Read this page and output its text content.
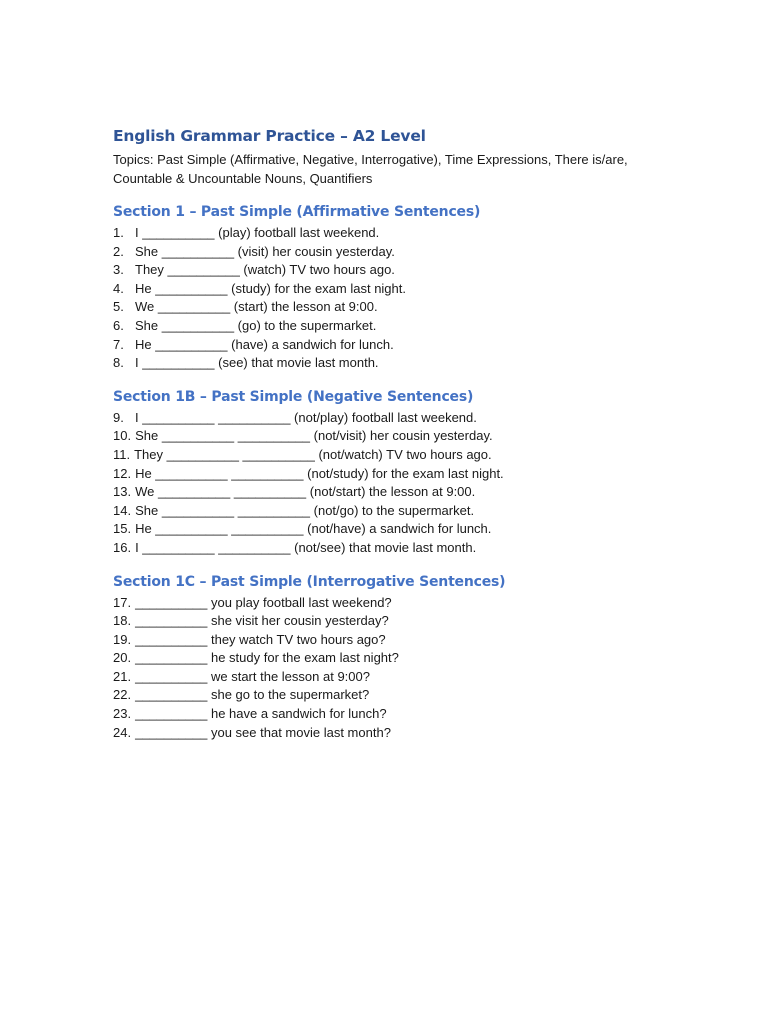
English Grammar Practice – A2 Level

Topics: Past Simple (Affirmative, Negative, Interrogative), Time Expressions, There is/are, Countable & Uncountable Nouns, Quantifiers

Section 1 – Past Simple (Affirmative Sentences)
1. I __________ (play) football last weekend.
2. She __________ (visit) her cousin yesterday.
3. They __________ (watch) TV two hours ago.
4. He __________ (study) for the exam last night.
5. We __________ (start) the lesson at 9:00.
6. She __________ (go) to the supermarket.
7. He __________ (have) a sandwich for lunch.
8. I __________ (see) that movie last month.
Section 1B – Past Simple (Negative Sentences)
9. I __________ __________ (not/play) football last weekend.
10. She __________ __________ (not/visit) her cousin yesterday.
11. They __________ __________ (not/watch) TV two hours ago.
12. He __________ __________ (not/study) for the exam last night.
13. We __________ __________ (not/start) the lesson at 9:00.
14. She __________ __________ (not/go) to the supermarket.
15. He __________ __________ (not/have) a sandwich for lunch.
16. I __________ __________ (not/see) that movie last month.
Section 1C – Past Simple (Interrogative Sentences)
17. __________ you play football last weekend?
18. __________ she visit her cousin yesterday?
19. __________ they watch TV two hours ago?
20. __________ he study for the exam last night?
21. __________ we start the lesson at 9:00?
22. __________ she go to the supermarket?
23. __________ he have a sandwich for lunch?
24. __________ you see that movie last month?
